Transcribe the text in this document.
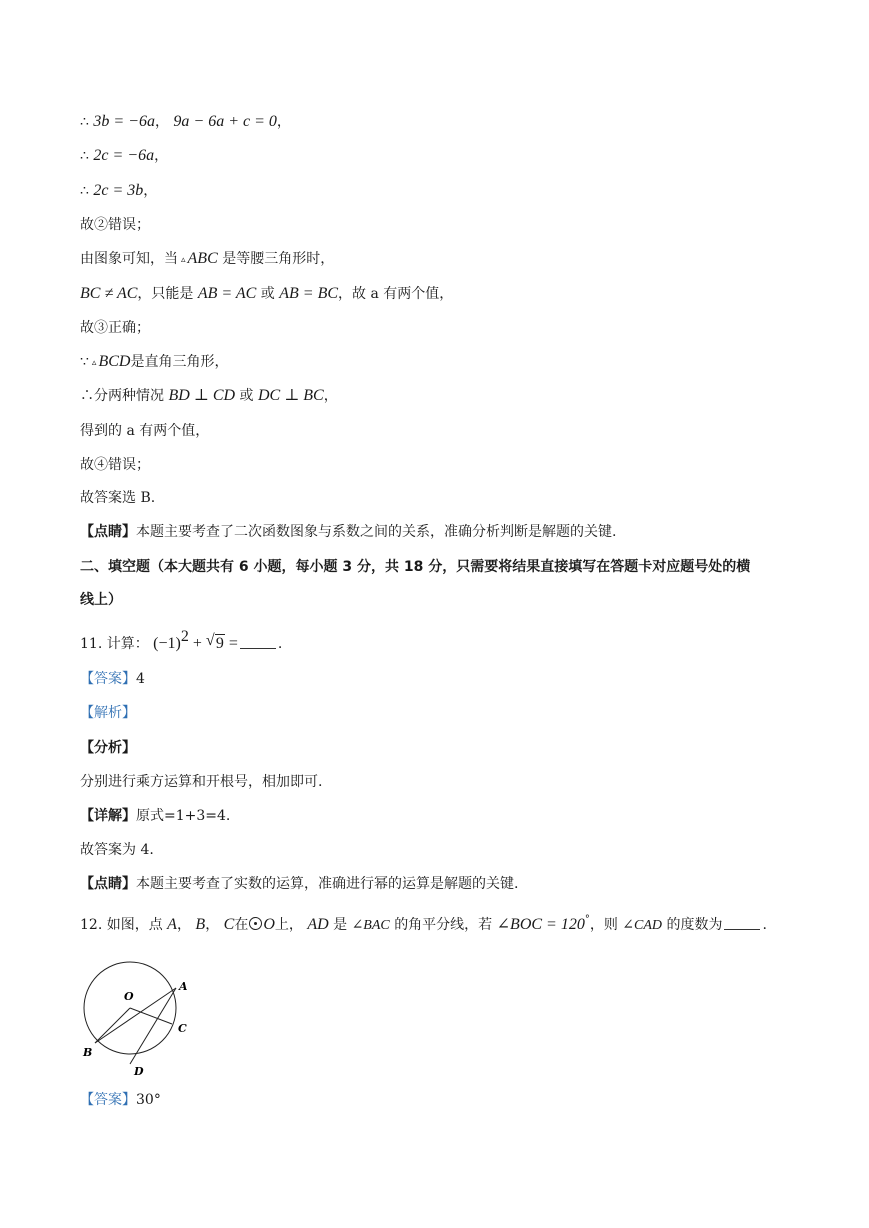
∴ 3b = −6a， 9a − 6a + c = 0，
∴ 2c = −6a，
∴ 2c = 3b，
故②错误；
由图象可知，当 ▵ ABC 是等腰三角形时，
BC ≠ AC，只能是 AB = AC 或 AB = BC，故 a 有两个值，
故③正确；
∵ ▵ BCD是直角三角形，
∴分两种情况 BD ⊥ CD 或 DC ⊥ BC，
得到的 a 有两个值，
故④错误；
故答案选 B.
【点睛】本题主要考查了二次函数图象与系数之间的关系，准确分析判断是解题的关键.
二、填空题（本大题共有 6 小题，每小题 3 分，共 18 分，只需要将结果直接填写在答题卡对应题号处的横
线上）
11. 计算： $(-1)^2$ + √ 9 =	.
【答案】4
【解析】
【分析】
分别进行乘方运算和开根号，相加即可.
【详解】原式=1+3=4.
故答案为 4.
【点睛】本题主要考查了实数的运算，准确进行幂的运算是解题的关键.
12. 如图，点 A， B， C在 O上， AD 是 ∠BAC 的角平分线，若 ∠BOC = 120°，则 ∠CAD 的度数为	.
O
A
B
C
D
【答案】30°
